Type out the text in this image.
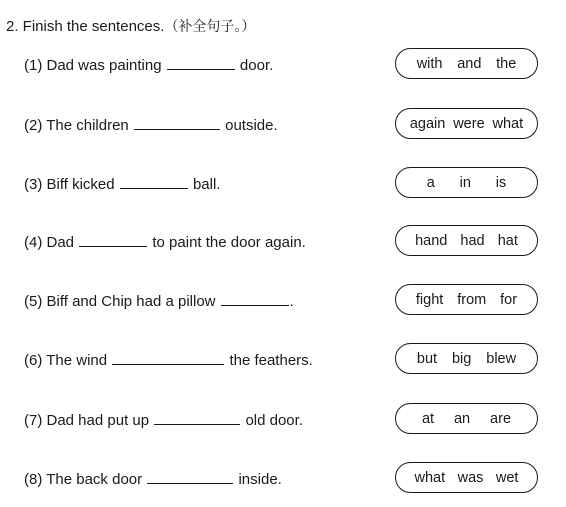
2. Finish the sentences.（补全句子。）
(1) Dad was painting	door.	with and the
(2) The children	outside.	again were what
(3) Biff kicked	ball.	a in is
(4) Dad	to paint the door again.	hand had hat
(5) Biff and Chip had a pillow	.	fight from for
(6) The wind	the feathers.	but big blew
(7) Dad had put up	old door.	at an are
(8) The back door	inside.	what was wet
